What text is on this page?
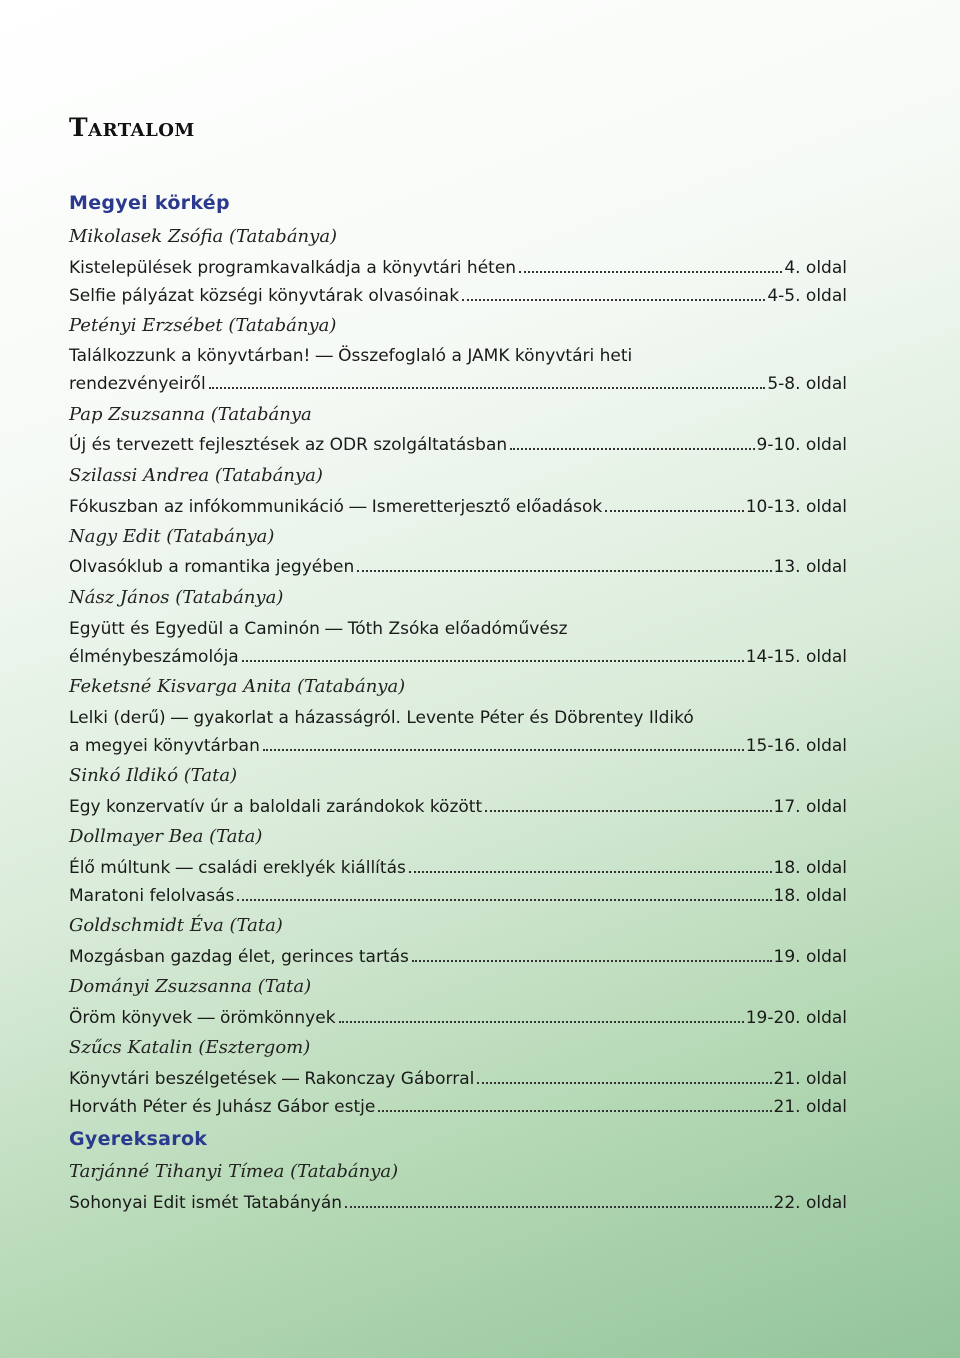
Tartalom
Megyei körkép
Mikolasek Zsófia (Tatabánya)
Kistelepülések programkavalkádja a könyvtári héten	4. oldal
Selfie pályázat községi könyvtárak olvasóinak	4-5. oldal
Petényi Erzsébet (Tatabánya)
Találkozzunk a könyvtárban! ― Összefoglaló a JAMK könyvtári heti
rendezvényeiről	5-8. oldal
Pap Zsuzsanna (Tatabánya
Új és tervezett fejlesztések az ODR szolgáltatásban	9-10. oldal
Szilassi Andrea (Tatabánya)
Fókuszban az infókommunikáció ― Ismeretterjesztő előadások	10-13. oldal
Nagy Edit (Tatabánya)
Olvasóklub a romantika jegyében	13. oldal
Nász János (Tatabánya)
Együtt és Egyedül a Caminón ― Tóth Zsóka előadóművész
élménybeszámolója	14-15. oldal
Feketsné Kisvarga Anita (Tatabánya)
Lelki (derű) ― gyakorlat a házasságról. Levente Péter és Döbrentey Ildikó
a megyei könyvtárban	15-16. oldal
Sinkó Ildikó (Tata)
Egy konzervatív úr a baloldali zarándokok között	17. oldal
Dollmayer Bea (Tata)
Élő múltunk ― családi ereklyék kiállítás	18. oldal
Maratoni felolvasás	18. oldal
Goldschmidt Éva (Tata)
Mozgásban gazdag élet, gerinces tartás	19. oldal
Dományi Zsuzsanna (Tata)
Öröm könyvek ― örömkönnyek	19-20. oldal
Szűcs Katalin (Esztergom)
Könyvtári beszélgetések ― Rakonczay Gáborral	21. oldal
Horváth Péter és Juhász Gábor estje	21. oldal
Gyereksarok
Tarjánné Tihanyi Tímea (Tatabánya)
Sohonyai Edit ismét Tatabányán	22. oldal
